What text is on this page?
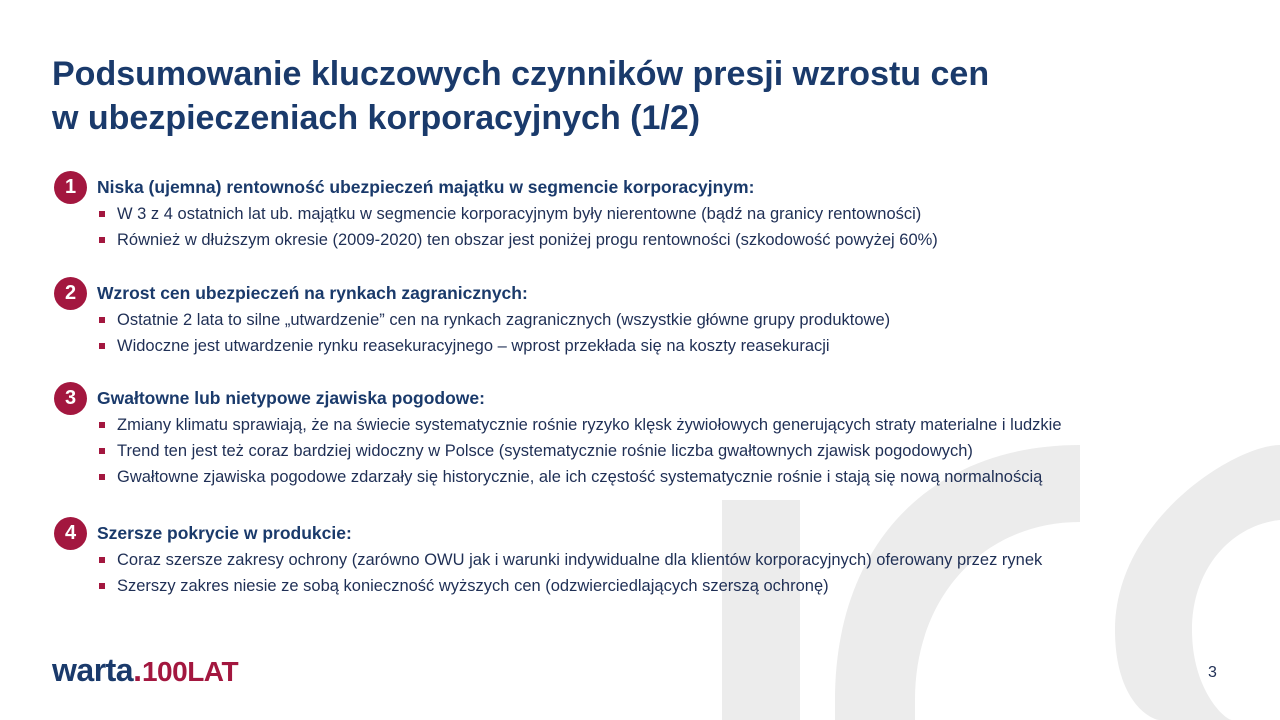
Podsumowanie kluczowych czynników presji wzrostu cen
w ubezpieczeniach korporacyjnych (1/2)
1	Niska (ujemna) rentowność ubezpieczeń majątku w segmencie korporacyjnym:
W 3 z 4 ostatnich lat ub. majątku w segmencie korporacyjnym były nierentowne (bądź na granicy rentowności)
Również w dłuższym okresie (2009-2020) ten obszar jest poniżej progu rentowności (szkodowość powyżej 60%)
2	Wzrost cen ubezpieczeń na rynkach zagranicznych:
Ostatnie 2 lata to silne „utwardzenie” cen na rynkach zagranicznych (wszystkie główne grupy produktowe)
Widoczne jest utwardzenie rynku reasekuracyjnego – wprost przekłada się na koszty reasekuracji
3	Gwałtowne lub nietypowe zjawiska pogodowe:
Zmiany klimatu sprawiają, że na świecie systematycznie rośnie ryzyko klęsk żywiołowych generujących straty materialne i ludzkie
Trend ten jest też coraz bardziej widoczny w Polsce (systematycznie rośnie liczba gwałtownych zjawisk pogodowych)
Gwałtowne zjawiska pogodowe zdarzały się historycznie, ale ich częstość systematycznie rośnie i stają się nową normalnością
4	Szersze pokrycie w produkcie:
Coraz szersze zakresy ochrony (zarówno OWU jak i warunki indywidualne dla klientów korporacyjnych) oferowany przez rynek
Szerszy zakres niesie ze sobą konieczność wyższych cen (odzwierciedlających szerszą ochronę)
warta . 100LAT	3
